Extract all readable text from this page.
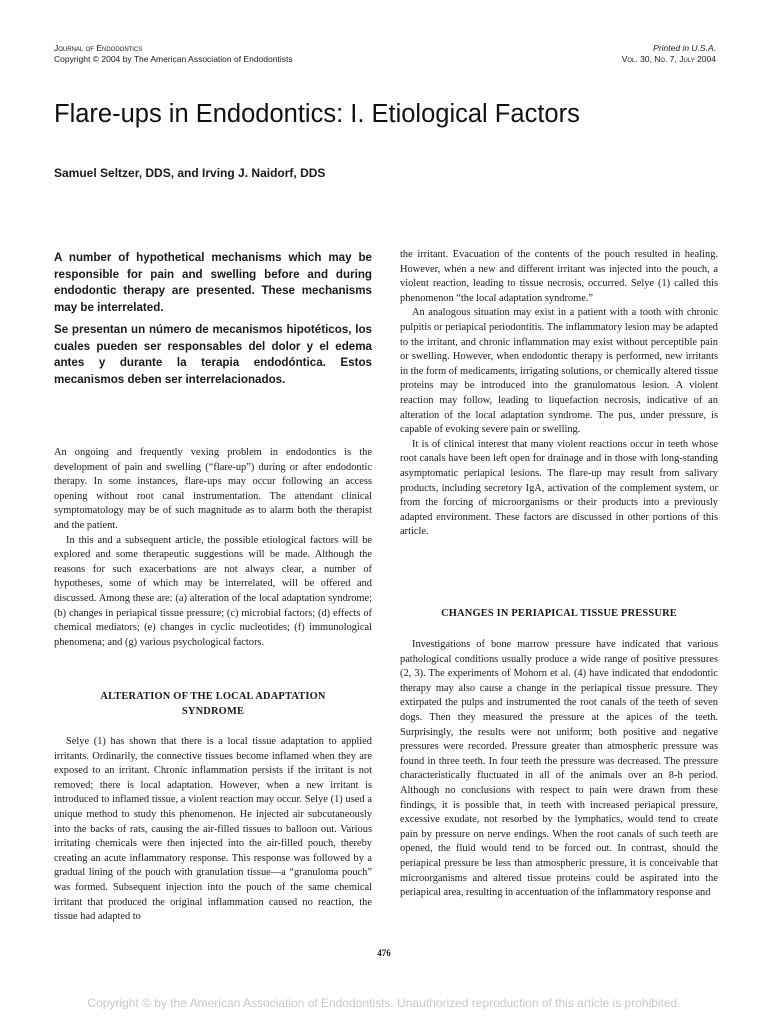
Journal of Endodontics
Copyright © 2004 by The American Association of Endodontists
Printed in U.S.A.
Vol. 30, No. 7, July 2004
Flare-ups in Endodontics: I. Etiological Factors
Samuel Seltzer, DDS, and Irving J. Naidorf, DDS

A number of hypothetical mechanisms which may be responsible for pain and swelling before and during endodontic therapy are presented. These mechanisms may be interrelated.

Se presentan un número de mecanismos hipotéticos, los cuales pueden ser responsables del dolor y el edema antes y durante la terapia endodóntica. Estos mecanismos deben ser interrelacionados.

An ongoing and frequently vexing problem in endodontics is the development of pain and swelling (“flare-up”) during or after endodontic therapy. In some instances, flare-ups may occur following an access opening without root canal instrumentation. The attendant clinical symptomatology may be of such magnitude as to alarm both the therapist and the patient.

In this and a subsequent article, the possible etiological factors will be explored and some therapeutic suggestions will be made. Although the reasons for such exacerbations are not always clear, a number of hypotheses, some of which may be interrelated, will be offered and discussed. Among these are: (a) alteration of the local adaptation syndrome; (b) changes in periapical tissue pressure; (c) microbial factors; (d) effects of chemical mediators; (e) changes in cyclic nucleotides; (f) immunological phenomena; and (g) various psychological factors.

ALTERATION OF THE LOCAL ADAPTATION SYNDROME

Selye (1) has shown that there is a local tissue adaptation to applied irritants. Ordinarily, the connective tissues become inflamed when they are exposed to an irritant. Chronic inflammation persists if the irritant is not removed; there is local adaptation. However, when a new irritant is introduced to inflamed tissue, a violent reaction may occur. Selye (1) used a unique method to study this phenomenon. He injected air subcutaneously into the backs of rats, causing the air-filled tissues to balloon out. Various irritating chemicals were then injected into the air-filled pouch, thereby creating an acute inflammatory response. This response was followed by a gradual lining of the pouch with granulation tissue—a “granuloma pouch” was formed. Subsequent injection into the pouch of the same chemical irritant that produced the original inflammation caused no reaction, the tissue had adapted to

the irritant. Evacuation of the contents of the pouch resulted in healing. However, when a new and different irritant was injected into the pouch, a violent reaction, leading to tissue necrosis, occurred. Selye (1) called this phenomenon “the local adaptation syndrome.”

An analogous situation may exist in a patient with a tooth with chronic pulpitis or periapical periodontitis. The inflammatory lesion may be adapted to the irritant, and chronic inflammation may exist without perceptible pain or swelling. However, when endodontic therapy is performed, new irritants in the form of medicaments, irrigating solutions, or chemically altered tissue proteins may be introduced into the granulomatous lesion. A violent reaction may follow, leading to liquefaction necrosis, indicative of an alteration of the local adaptation syndrome. The pus, under pressure, is capable of evoking severe pain or swelling.

It is of clinical interest that many violent reactions occur in teeth whose root canals have been left open for drainage and in those with long-standing asymptomatic periapical lesions. The flare-up may result from salivary products, including secretory IgA, activation of the complement system, or from the forcing of microorganisms or their products into a previously adapted environment. These factors are discussed in other portions of this article.

CHANGES IN PERIAPICAL TISSUE PRESSURE

Investigations of bone marrow pressure have indicated that various pathological conditions usually produce a wide range of positive pressures (2, 3). The experiments of Mohorn et al. (4) have indicated that endodontic therapy may also cause a change in the periapical tissue pressure. They extirpated the pulps and instrumented the root canals of the teeth of seven dogs. Then they measured the pressure at the apices of the teeth. Surprisingly, the results were not uniform; both positive and negative pressures were recorded. Pressure greater than atmospheric pressure was found in three teeth. In four teeth the pressure was decreased. The pressure characteristically fluctuated in all of the animals over an 8-h period. Although no conclusions with respect to pain were drawn from these findings, it is possible that, in teeth with increased periapical pressure, excessive exudate, not resorbed by the lymphatics, would tend to create pain by pressure on nerve endings. When the root canals of such teeth are opened, the fluid would tend to be forced out. In contrast, should the periapical pressure be less than atmospheric pressure, it is conceivable that microorganisms and altered tissue proteins could be aspirated into the periapical area, resulting in accentuation of the inflammatory response and

476
Copyright © by the American Association of Endodontists. Unauthorized reproduction of this article is prohibited.
